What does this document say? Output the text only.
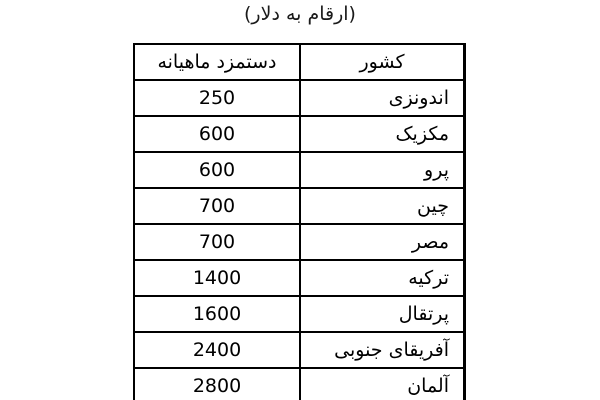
(ارقام به دلار)
کشور	دستمزد ماهیانه
اندونزی	250
مکزیک	600
پرو	600
چین	700
مصر	700
ترکیه	1400
پرتقال	1600
آفریقای جنوبی	2400
آلمان	2800
